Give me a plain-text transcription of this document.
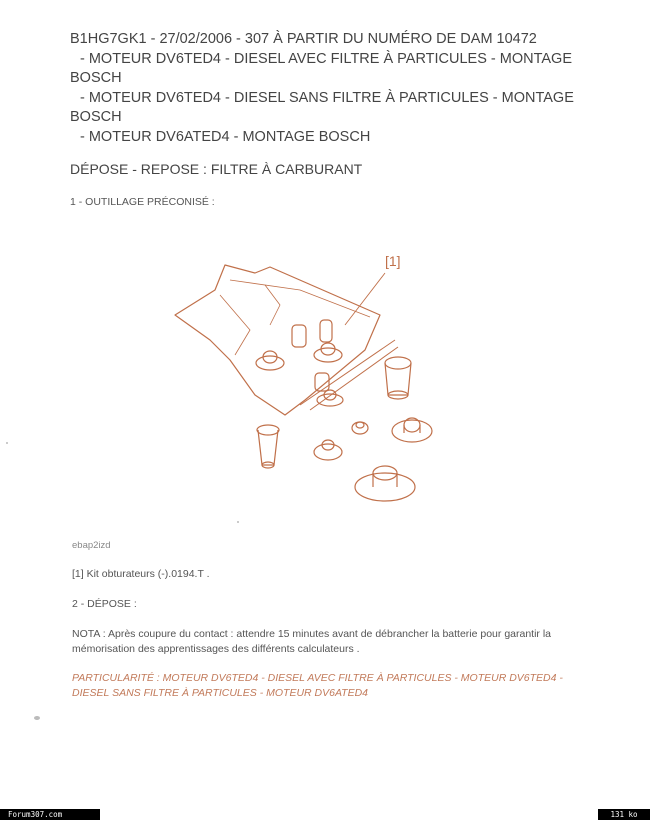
B1HG7GK1 - 27/02/2006 - 307 À PARTIR DU NUMÉRO DE DAM 10472
- MOTEUR DV6TED4 - DIESEL AVEC FILTRE À PARTICULES - MONTAGE
BOSCH
- MOTEUR DV6TED4 - DIESEL SANS FILTRE À PARTICULES - MONTAGE
BOSCH
- MOTEUR DV6ATED4 - MONTAGE BOSCH
DÉPOSE - REPOSE : FILTRE À CARBURANT
1 - OUTILLAGE PRÉCONISÉ :
[1]
ebap2izd
[1] Kit obturateurs (-).0194.T .
2 - DÉPOSE :
NOTA : Après coupure du contact : attendre 15 minutes avant de débrancher la batterie pour garantir la mémorisation des apprentissages des différents calculateurs .
PARTICULARITÉ : MOTEUR DV6TED4 - DIESEL AVEC FILTRE À PARTICULES - MOTEUR DV6TED4 - DIESEL SANS FILTRE À PARTICULES - MOTEUR DV6ATED4
Forum307.com	131 ko
